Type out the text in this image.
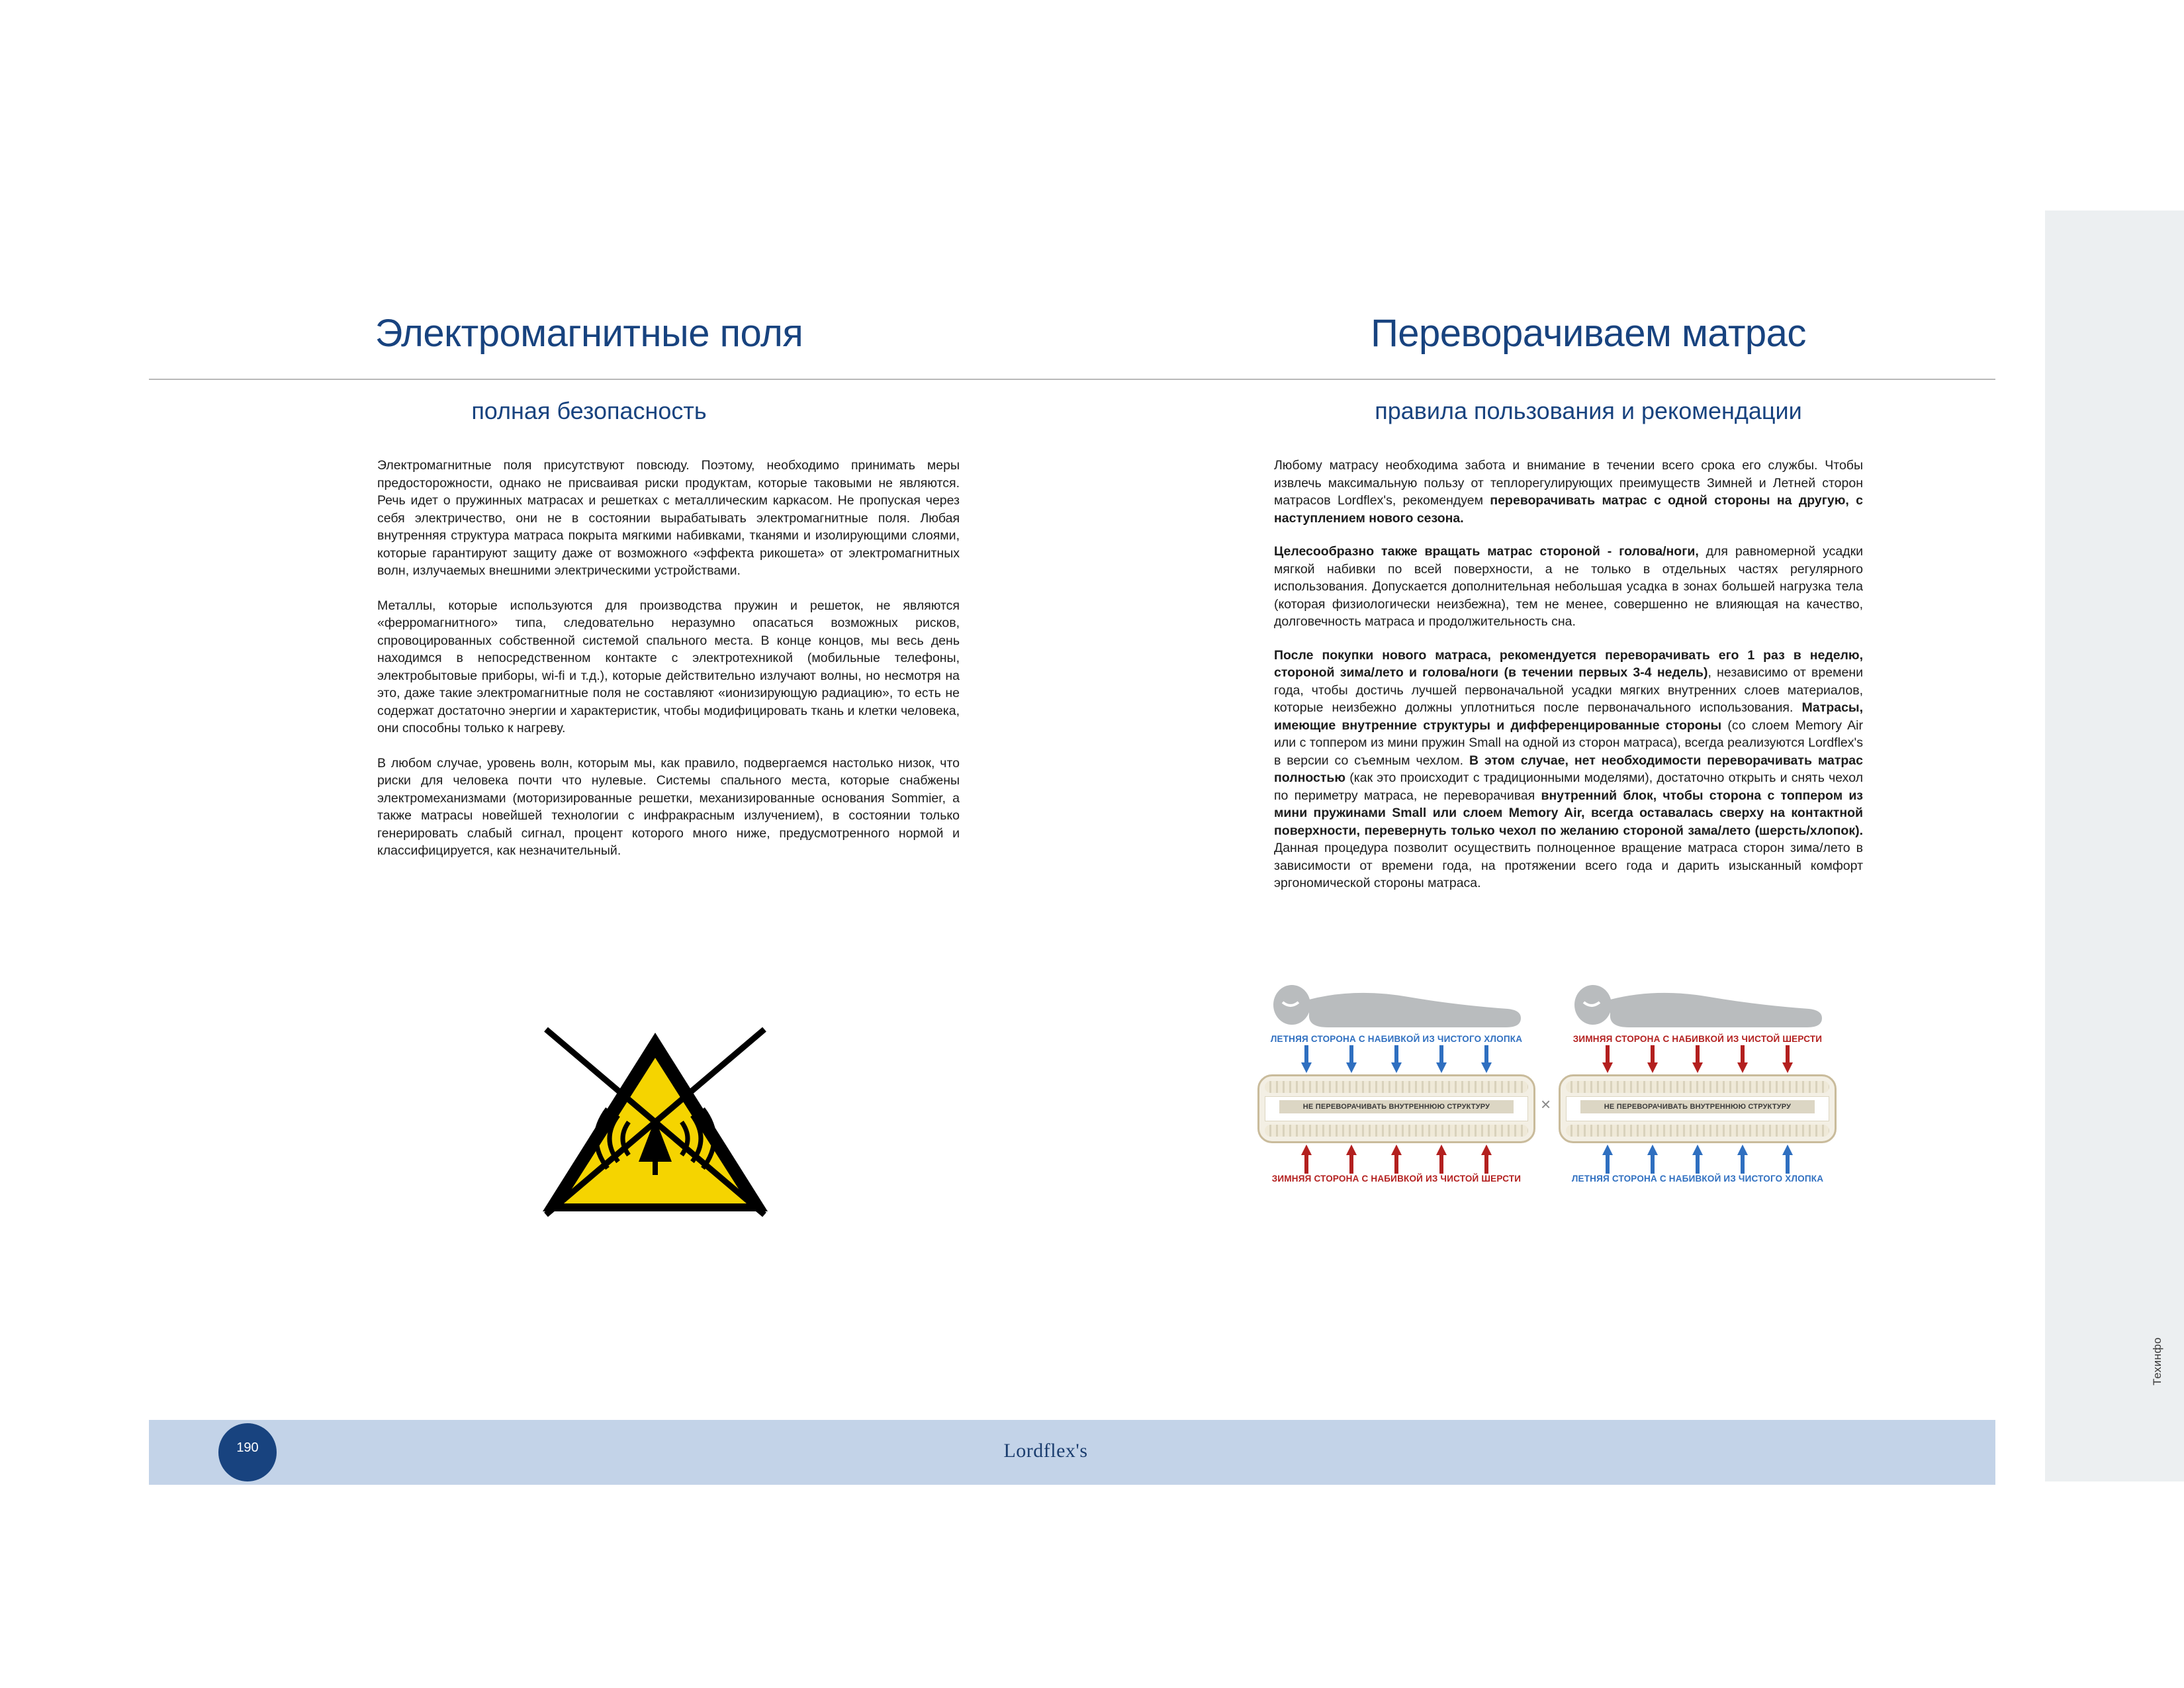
Техинфо
Электромагнитные поля
полная безопасность

Электромагнитные поля присутствуют повсюду. Поэтому, необходимо принимать меры предосторожности, однако не присваивая риски продуктам, которые таковыми не являются. Речь идет о пружинных матрасах и решетках с металлическим каркасом. Не пропуская через себя электричество, они не в состоянии вырабатывать электромагнитные поля. Любая внутренняя структура матраса покрыта мягкими набивками, тканями и изолирующими слоями, которые гарантируют защиту даже от возможного «эффекта рикошета» от электромагнитных волн, излучаемых внешними электрическими устройствами.

Металлы, которые используются для производства пружин и решеток, не являются «ферромагнитного» типа, следовательно неразумно опасаться возможных рисков, спровоцированных собственной системой спального места. В конце концов, мы весь день находимся в непосредственном контакте с электротехникой (мобильные телефоны, электробытовые приборы, wi-fi и т.д.), которые действительно излучают волны, но несмотря на это, даже такие электромагнитные поля не составляют «ионизирующую радиацию», то есть не содержат достаточно энергии и характеристик, чтобы модифицировать ткань и клетки человека, они способны только к нагреву.

В любом случае, уровень волн, которым мы, как правило, подвергаемся настолько низок, что риски для человека почти что нулевые. Системы спального места, которые снабжены электромеханизмами (моторизированные решетки, механизированные основания Sommier, а также матрасы новейшей технологии с инфракрасным излучением), в состоянии только генерировать слабый сигнал, процент которого много ниже, предусмотренного нормой и классифицируется, как незначительный.

Переворачиваем матрас
правила пользования и рекомендации

Любому матрасу необходима забота и внимание в течении всего срока его службы. Чтобы извлечь максимальную пользу от теплорегулирующих преимуществ Зимней и Летней сторон матрасов Lordflex's, рекомендуем переворачивать матрас с одной стороны на другую, с наступлением нового сезона.

Целесообразно также вращать матрас стороной - голова/ноги, для равномерной усадки мягкой набивки по всей поверхности, а не только в отдельных частях регулярного использования. Допускается дополнительная небольшая усадка в зонах большей нагрузка тела (которая физиологически неизбежна), тем не менее, совершенно не влияющая на качество, долговечность матраса и продолжительность сна.

После покупки нового матраса, рекомендуется переворачивать его 1 раз в неделю, стороной зима/лето и голова/ноги (в течении первых 3-4 недель), независимо от времени года, чтобы достичь лучшей первоначальной усадки мягких внутренних слоев материалов, которые неизбежно должны уплотниться после первоначального использования. Матрасы, имеющие внутренние структуры и дифференцированные стороны (со слоем Memory Air или с топпером из мини пружин Small на одной из сторон матраса), всегда реализуются Lordflex's в версии со съемным чехлом. В этом случае, нет необходимости переворачивать матрас полностью (как это происходит с традиционными моделями), достаточно открыть и снять чехол по периметру матраса, не переворачивая внутренний блок, чтобы сторона с топпером из мини пружинами Small или слоем Memory Air, всегда оставалась сверху на контактной поверхности, перевернуть только чехол по желанию стороной зама/лето (шерсть/хлопок). Данная процедура позволит осуществить полноценное вращение матраса сторон зима/лето в зависимости от времени года, на протяжении всего года и дарить изысканный комфорт эргономической стороны матраса.

ЛЕТНЯЯ СТОРОНА С НАБИВКОЙ ИЗ ЧИСТОГО ХЛОПКА
НЕ ПЕРЕВОРАЧИВАТЬ ВНУТРЕННЮЮ СТРУКТУРУ
ЗИМНЯЯ СТОРОНА С НАБИВКОЙ ИЗ ЧИСТОЙ ШЕРСТИ
×
ЗИМНЯЯ СТОРОНА С НАБИВКОЙ ИЗ ЧИСТОЙ ШЕРСТИ
НЕ ПЕРЕВОРАЧИВАТЬ ВНУТРЕННЮЮ СТРУКТУРУ
ЛЕТНЯЯ СТОРОНА С НАБИВКОЙ ИЗ ЧИСТОГО ХЛОПКА
190	Lordflex's
